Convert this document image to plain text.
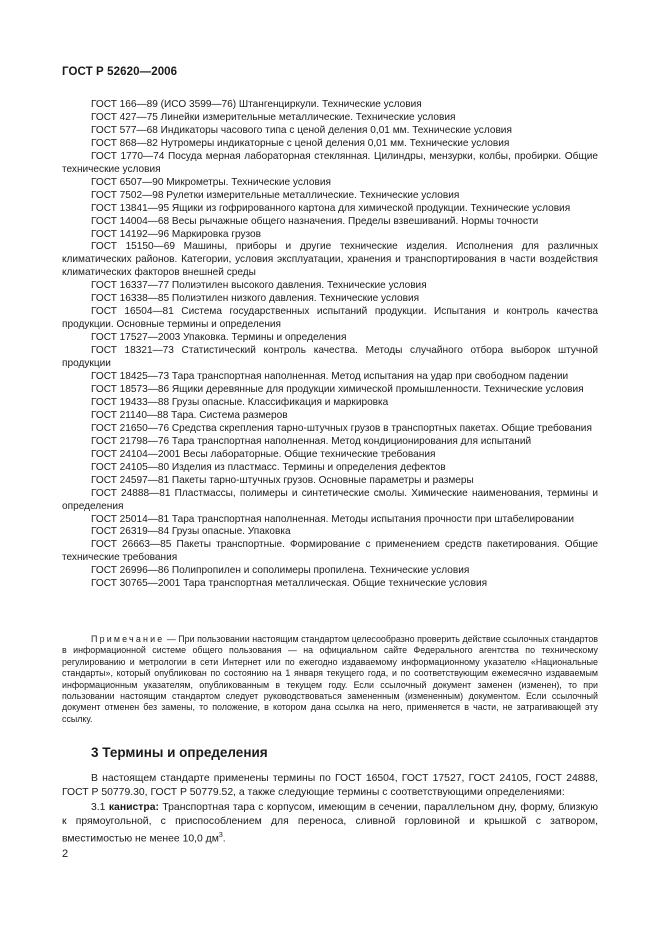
ГОСТ Р 52620—2006

ГОСТ 166—89 (ИСО 3599—76) Штангенциркули. Технические условия

ГОСТ 427—75 Линейки измерительные металлические. Технические условия

ГОСТ 577—68 Индикаторы часового типа с ценой деления 0,01 мм. Технические условия

ГОСТ 868—82 Нутромеры индикаторные с ценой деления 0,01 мм. Технические условия

ГОСТ 1770—74 Посуда мерная лабораторная стеклянная. Цилиндры, мензурки, колбы, пробирки. Общие технические условия

ГОСТ 6507—90 Микрометры. Технические условия

ГОСТ 7502—98 Рулетки измерительные металлические. Технические условия

ГОСТ 13841—95 Ящики из гофрированного картона для химической продукции. Технические условия

ГОСТ 14004—68 Весы рычажные общего назначения. Пределы взвешиваний. Нормы точности

ГОСТ 14192—96 Маркировка грузов

ГОСТ 15150—69 Машины, приборы и другие технические изделия. Исполнения для различных климатических районов. Категории, условия эксплуатации, хранения и транспортирования в части воздействия климатических факторов внешней среды

ГОСТ 16337—77 Полиэтилен высокого давления. Технические условия

ГОСТ 16338—85 Полиэтилен низкого давления. Технические условия

ГОСТ 16504—81 Система государственных испытаний продукции. Испытания и контроль качества продукции. Основные термины и определения

ГОСТ 17527—2003 Упаковка. Термины и определения

ГОСТ 18321—73 Статистический контроль качества. Методы случайного отбора выборок штучной продукции

ГОСТ 18425—73 Тара транспортная наполненная. Метод испытания на удар при свободном падении

ГОСТ 18573—86 Ящики деревянные для продукции химической промышленности. Технические условия

ГОСТ 19433—88 Грузы опасные. Классификация и маркировка

ГОСТ 21140—88 Тара. Система размеров

ГОСТ 21650—76 Средства скрепления тарно-штучных грузов в транспортных пакетах. Общие требования

ГОСТ 21798—76 Тара транспортная наполненная. Метод кондиционирования для испытаний

ГОСТ 24104—2001 Весы лабораторные. Общие технические требования

ГОСТ 24105—80 Изделия из пластмасс. Термины и определения дефектов

ГОСТ 24597—81 Пакеты тарно-штучных грузов. Основные параметры и размеры

ГОСТ 24888—81 Пластмассы, полимеры и синтетические смолы. Химические наименования, термины и определения

ГОСТ 25014—81 Тара транспортная наполненная. Методы испытания прочности при штабелировании

ГОСТ 26319—84 Грузы опасные. Упаковка

ГОСТ 26663—85 Пакеты транспортные. Формирование с применением средств пакетирования. Общие технические требования

ГОСТ 26996—86 Полипропилен и сополимеры пропилена. Технические условия

ГОСТ 30765—2001 Тара транспортная металлическая. Общие технические условия

Примечание — При пользовании настоящим стандартом целесообразно проверить действие ссылочных стандартов в информационной системе общего пользования — на официальном сайте Федерального агентства по техническому регулированию и метрологии в сети Интернет или по ежегодно издаваемому информационному указателю «Национальные стандарты», который опубликован по состоянию на 1 января текущего года, и по соответствующим ежемесячно издаваемым информационным указателям, опубликованным в текущем году. Если ссылочный документ заменен (изменен), то при пользовании настоящим стандартом следует руководствоваться замененным (измененным) документом. Если ссылочный документ отменен без замены, то положение, в котором дана ссылка на него, применяется в части, не затрагивающей эту ссылку.

3 Термины и определения

В настоящем стандарте применены термины по ГОСТ 16504, ГОСТ 17527, ГОСТ 24105, ГОСТ 24888, ГОСТ Р 50779.30, ГОСТ Р 50779.52, а также следующие термины с соответствующими определениями:

3.1 канистра: Транспортная тара с корпусом, имеющим в сечении, параллельном дну, форму, близкую к прямоугольной, с приспособлением для переноса, сливной горловиной и крышкой с затвором, вместимостью не менее 10,0 $дм^3$.

2
